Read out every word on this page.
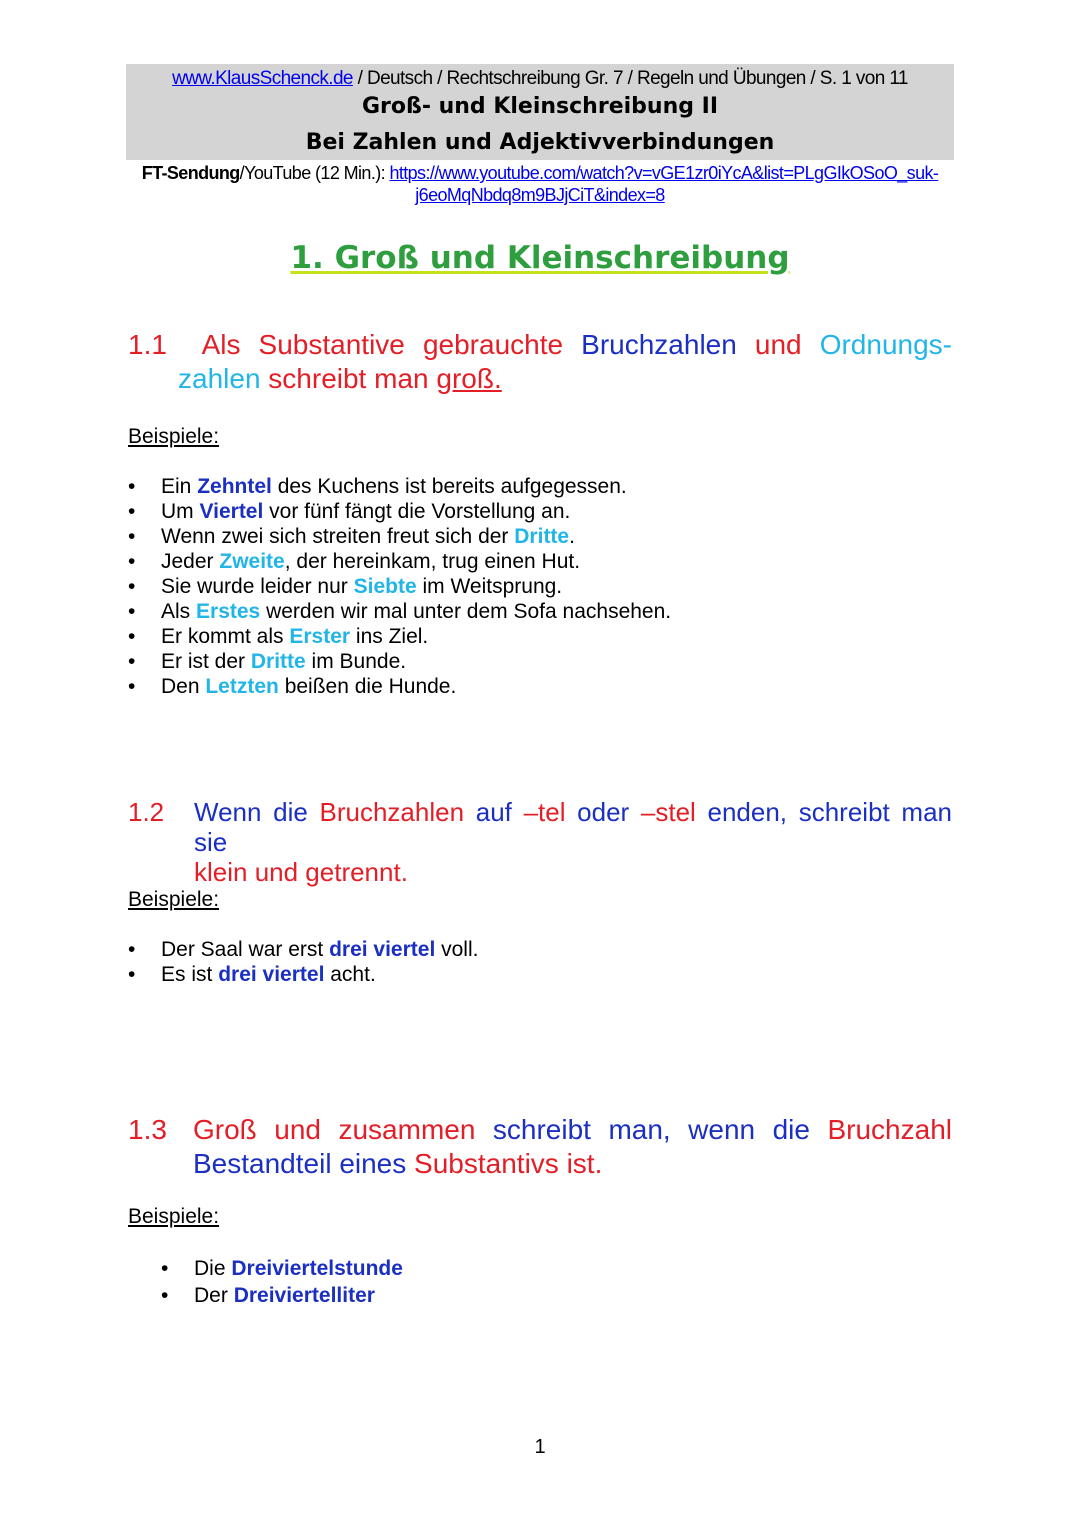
www.KlausSchenck.de / Deutsch / Rechtschreibung Gr. 7 / Regeln und Übungen / S. 1 von 11
Groß- und Kleinschreibung II
Bei Zahlen und Adjektivverbindungen
FT-Sendung/YouTube (12 Min.): https://www.youtube.com/watch?v=vGE1zr0iYcA&list=PLgGIkOSoO_suk-
j6eoMqNbdq8m9BJjCiT&index=8
1. Groß und Kleinschreibung
1.1 Als Substantive gebrauchte Bruchzahlen und Ordnungs-
zahlen schreibt man groß.
Beispiele:
• Ein Zehntel des Kuchens ist bereits aufgegessen.
• Um Viertel vor fünf fängt die Vorstellung an.
• Wenn zwei sich streiten freut sich der Dritte.
• Jeder Zweite, der hereinkam, trug einen Hut.
• Sie wurde leider nur Siebte im Weitsprung.
• Als Erstes werden wir mal unter dem Sofa nachsehen.
• Er kommt als Erster ins Ziel.
• Er ist der Dritte im Bunde.
• Den Letzten beißen die Hunde.
1.2 Wenn die Bruchzahlen auf –tel oder –stel enden, schreibt man sie
klein und getrennt.
Beispiele:
• Der Saal war erst drei viertel voll.
• Es ist drei viertel acht.
1.3 Groß und zusammen schreibt man, wenn die Bruchzahl
Bestandteil eines Substantivs ist.
Beispiele:
• Die Dreiviertelstunde
• Der Dreiviertelliter
1
